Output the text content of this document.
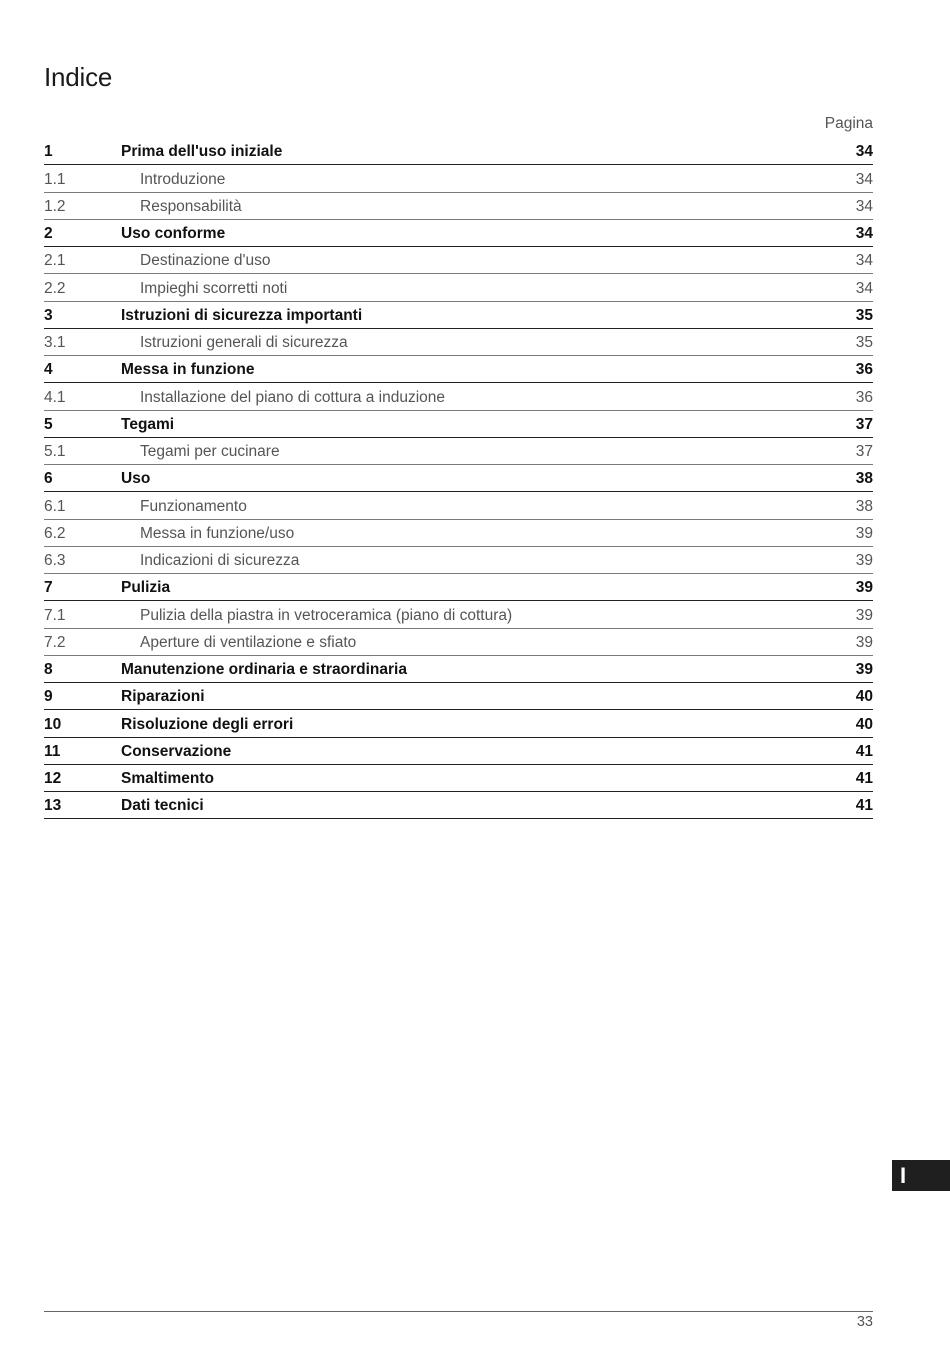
Indice
Pagina
1	Prima dell'uso iniziale	34
1.1	Introduzione	34
1.2	Responsabilità	34
2	Uso conforme	34
2.1	Destinazione d'uso	34
2.2	Impieghi scorretti noti	34
3	Istruzioni di sicurezza importanti	35
3.1	Istruzioni generali di sicurezza	35
4	Messa in funzione	36
4.1	Installazione del piano di cottura a induzione	36
5	Tegami	37
5.1	Tegami per cucinare	37
6	Uso	38
6.1	Funzionamento	38
6.2	Messa in funzione/uso	39
6.3	Indicazioni di sicurezza	39
7	Pulizia	39
7.1	Pulizia della piastra in vetroceramica (piano di cottura)	39
7.2	Aperture di ventilazione e sfiato	39
8	Manutenzione ordinaria e straordinaria	39
9	Riparazioni	40
10	Risoluzione degli errori	40
11	Conservazione	41
12	Smaltimento	41
13	Dati tecnici	41
I
33
